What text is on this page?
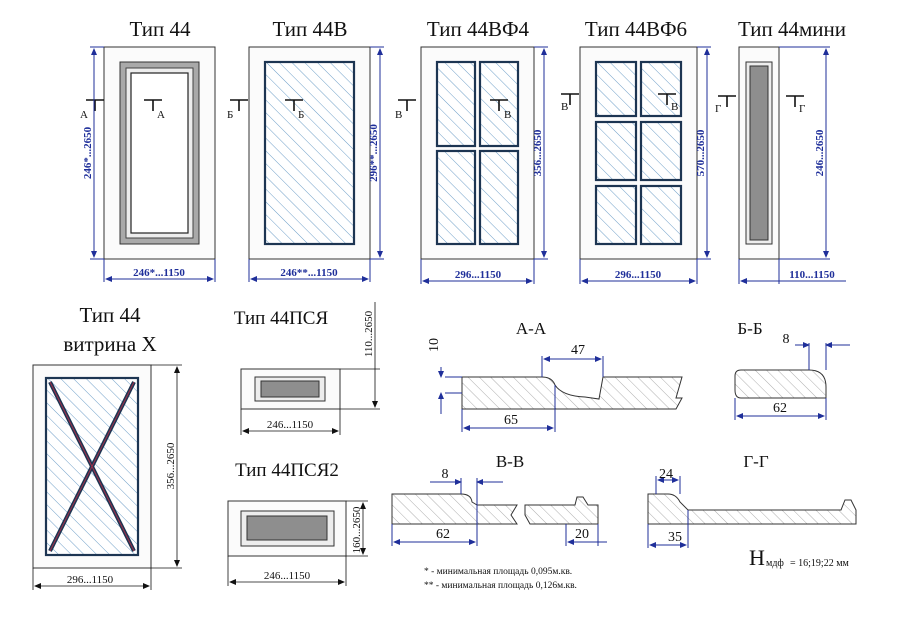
Тип 44
А	А
246*...2650
246*...1150
Тип 44В
Б	Б
296**...2650
246**...1150
Тип 44ВФ4
В	В
356...2650
296...1150
Тип 44ВФ6
В	В
570...2650
296...1150
Тип 44мини
Г	Г
246...2650
110...1150
Тип 44
витрина Х
356...2650
296...1150
Тип 44ПСЯ	110...2650
246...1150
Тип 44ПСЯ2
160...2650
246...1150
А-А
10	47
65
Б-Б
8
62
В-В
8
62	20
Г-Г
24
35
* - минимальная площадь 0,095м.кв.
** - минимальная площадь 0,126м.кв.
H мдф = 16;19;22 мм
